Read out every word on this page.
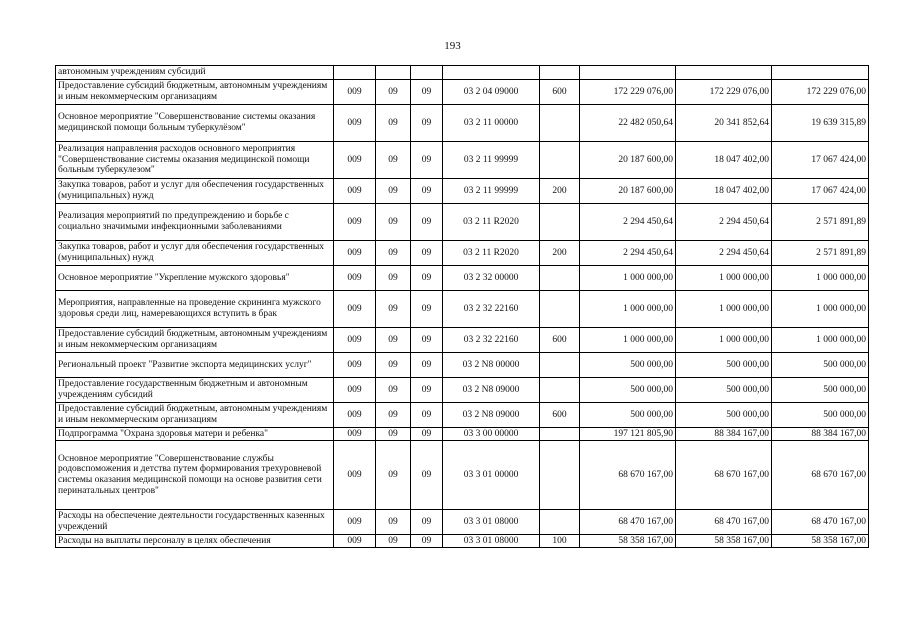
193
автономным учреждениям субсидий								
Предоставление субсидий бюджетным, автономным учреждениям и иным некоммерческим организациям	009	09	09	03 2 04 09000	600	172 229 076,00	172 229 076,00	172 229 076,00
Основное мероприятие "Совершенствование системы оказания медицинской помощи больным туберкулёзом"	009	09	09	03 2 11 00000		22 482 050,64	20 341 852,64	19 639 315,89
Реализация направления расходов основного мероприятия "Совершенствование системы оказания медицинской помощи больным туберкулезом"	009	09	09	03 2 11 99999		20 187 600,00	18 047 402,00	17 067 424,00
Закупка товаров, работ и услуг для обеспечения государственных (муниципальных) нужд	009	09	09	03 2 11 99999	200	20 187 600,00	18 047 402,00	17 067 424,00
Реализация мероприятий по предупреждению и борьбе с социально значимыми инфекционными заболеваниями	009	09	09	03 2 11 R2020		2 294 450,64	2 294 450,64	2 571 891,89
Закупка товаров, работ и услуг для обеспечения государственных (муниципальных) нужд	009	09	09	03 2 11 R2020	200	2 294 450,64	2 294 450,64	2 571 891,89
Основное мероприятие "Укрепление мужского здоровья"	009	09	09	03 2 32 00000		1 000 000,00	1 000 000,00	1 000 000,00
Мероприятия, направленные на проведение скрининга мужского здоровья среди лиц, намеревающихся вступить в брак	009	09	09	03 2 32 22160		1 000 000,00	1 000 000,00	1 000 000,00
Предоставление субсидий бюджетным, автономным учреждениям и иным некоммерческим организациям	009	09	09	03 2 32 22160	600	1 000 000,00	1 000 000,00	1 000 000,00
Региональный проект "Развитие экспорта медицинских услуг"	009	09	09	03 2 N8 00000		500 000,00	500 000,00	500 000,00
Предоставление государственным бюджетным и автономным учреждениям субсидий	009	09	09	03 2 N8 09000		500 000,00	500 000,00	500 000,00
Предоставление субсидий бюджетным, автономным учреждениям и иным некоммерческим организациям	009	09	09	03 2 N8 09000	600	500 000,00	500 000,00	500 000,00
Подпрограмма "Охрана здоровья матери и ребенка"	009	09	09	03 3 00 00000		197 121 805,90	88 384 167,00	88 384 167,00
Основное мероприятие "Совершенствование службы родовспоможения и детства путем формирования трехуровневой системы оказания медицинской помощи на основе развития сети перинатальных центров"	009	09	09	03 3 01 00000		68 670 167,00	68 670 167,00	68 670 167,00
Расходы на обеспечение деятельности государственных казенных учреждений	009	09	09	03 3 01 08000		68 470 167,00	68 470 167,00	68 470 167,00
Расходы на выплаты персоналу в целях обеспечения	009	09	09	03 3 01 08000	100	58 358 167,00	58 358 167,00	58 358 167,00
